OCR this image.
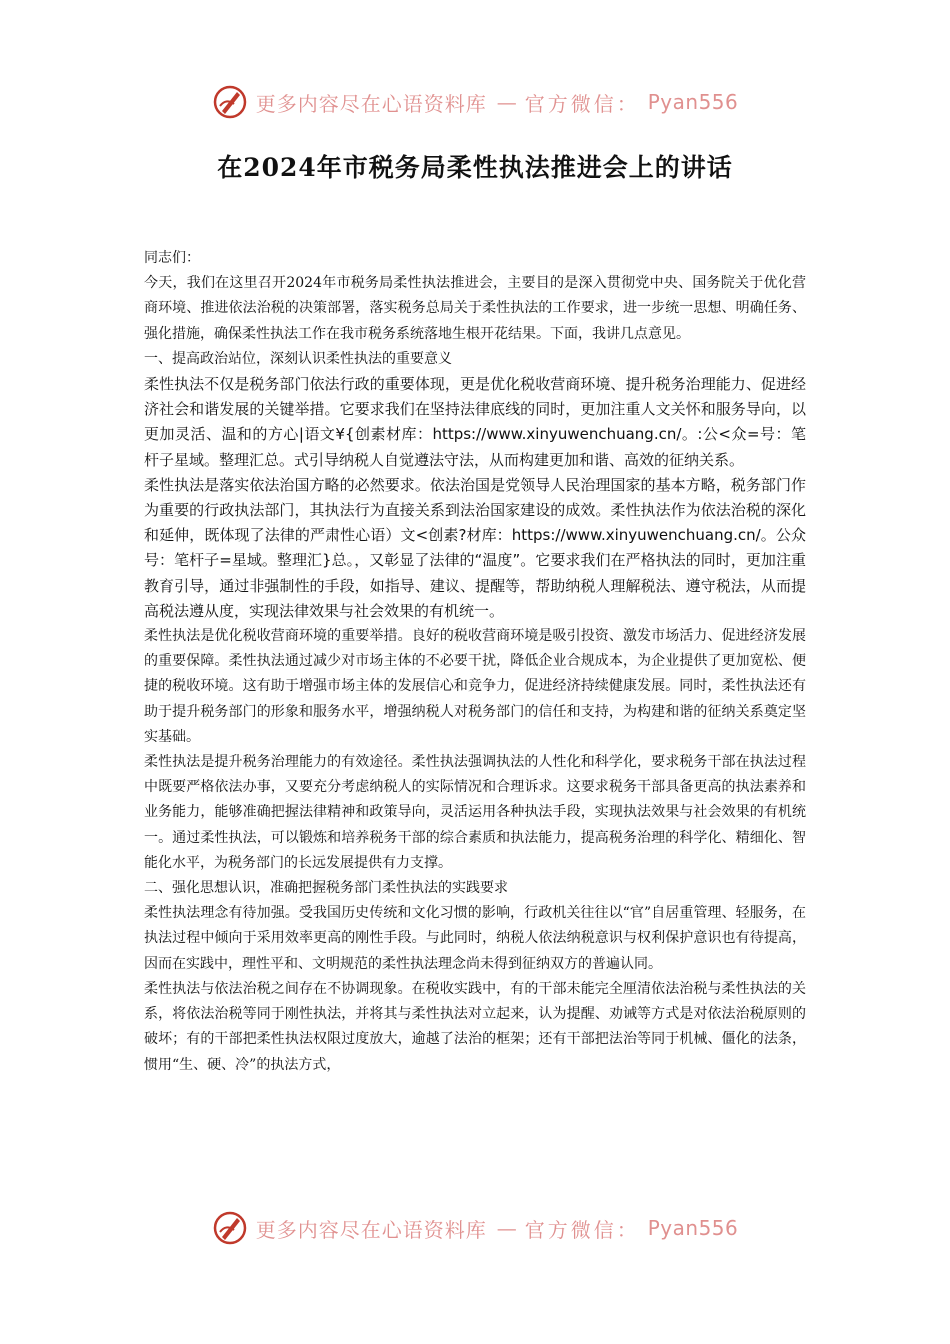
更多内容尽在心语资料库 — 官方微信： Pyan556
在2024年市税务局柔性执法推进会上的讲话

同志们：

今天，我们在这里召开2024年市税务局柔性执法推进会，主要目的是深入贯彻党中央、国务院关于优化营商环境、推进依法治税的决策部署，落实税务总局关于柔性执法的工作要求，进一步统一思想、明确任务、强化措施，确保柔性执法工作在我市税务系统落地生根开花结果。下面，我讲几点意见。

一、提高政治站位，深刻认识柔性执法的重要意义

柔性执法不仅是税务部门依法行政的重要体现，更是优化税收营商环境、提升税务治理能力、促进经济社会和谐发展的关键举措。它要求我们在坚持法律底线的同时，更加注重人文关怀和服务导向，以更加灵活、温和的方心|语文¥{创素材库：https://www.xinyuwenchuang.cn/。:公<众=号：笔杆子星域。整理汇总。式引导纳税人自觉遵法守法，从而构建更加和谐、高效的征纳关系。

柔性执法是落实依法治国方略的必然要求。依法治国是党领导人民治理国家的基本方略，税务部门作为重要的行政执法部门，其执法行为直接关系到法治国家建设的成效。柔性执法作为依法治税的深化和延伸，既体现了法律的严肃性心语）文<创素?材库：https://www.xinyuwenchuang.cn/。公众号：笔杆子=星域。整理汇}总。，又彰显了法律的“温度”。它要求我们在严格执法的同时，更加注重教育引导，通过非强制性的手段，如指导、建议、提醒等，帮助纳税人理解税法、遵守税法，从而提高税法遵从度，实现法律效果与社会效果的有机统一。

柔性执法是优化税收营商环境的重要举措。良好的税收营商环境是吸引投资、激发市场活力、促进经济发展的重要保障。柔性执法通过减少对市场主体的不必要干扰，降低企业合规成本，为企业提供了更加宽松、便捷的税收环境。这有助于增强市场主体的发展信心和竞争力，促进经济持续健康发展。同时，柔性执法还有助于提升税务部门的形象和服务水平，增强纳税人对税务部门的信任和支持，为构建和谐的征纳关系奠定坚实基础。

柔性执法是提升税务治理能力的有效途径。柔性执法强调执法的人性化和科学化，要求税务干部在执法过程中既要严格依法办事，又要充分考虑纳税人的实际情况和合理诉求。这要求税务干部具备更高的执法素养和业务能力，能够准确把握法律精神和政策导向，灵活运用各种执法手段，实现执法效果与社会效果的有机统一。通过柔性执法，可以锻炼和培养税务干部的综合素质和执法能力，提高税务治理的科学化、精细化、智能化水平，为税务部门的长远发展提供有力支撑。

二、强化思想认识，准确把握税务部门柔性执法的实践要求

柔性执法理念有待加强。受我国历史传统和文化习惯的影响，行政机关往往以“官”自居重管理、轻服务，在执法过程中倾向于采用效率更高的刚性手段。与此同时，纳税人依法纳税意识与权利保护意识也有待提高，因而在实践中，理性平和、文明规范的柔性执法理念尚未得到征纳双方的普遍认同。

柔性执法与依法治税之间存在不协调现象。在税收实践中，有的干部未能完全厘清依法治税与柔性执法的关系，将依法治税等同于刚性执法，并将其与柔性执法对立起来，认为提醒、劝诫等方式是对依法治税原则的破坏；有的干部把柔性执法权限过度放大，逾越了法治的框架；还有干部把法治等同于机械、僵化的法条，惯用“生、硬、冷”的执法方式，

更多内容尽在心语资料库 — 官方微信： Pyan556
